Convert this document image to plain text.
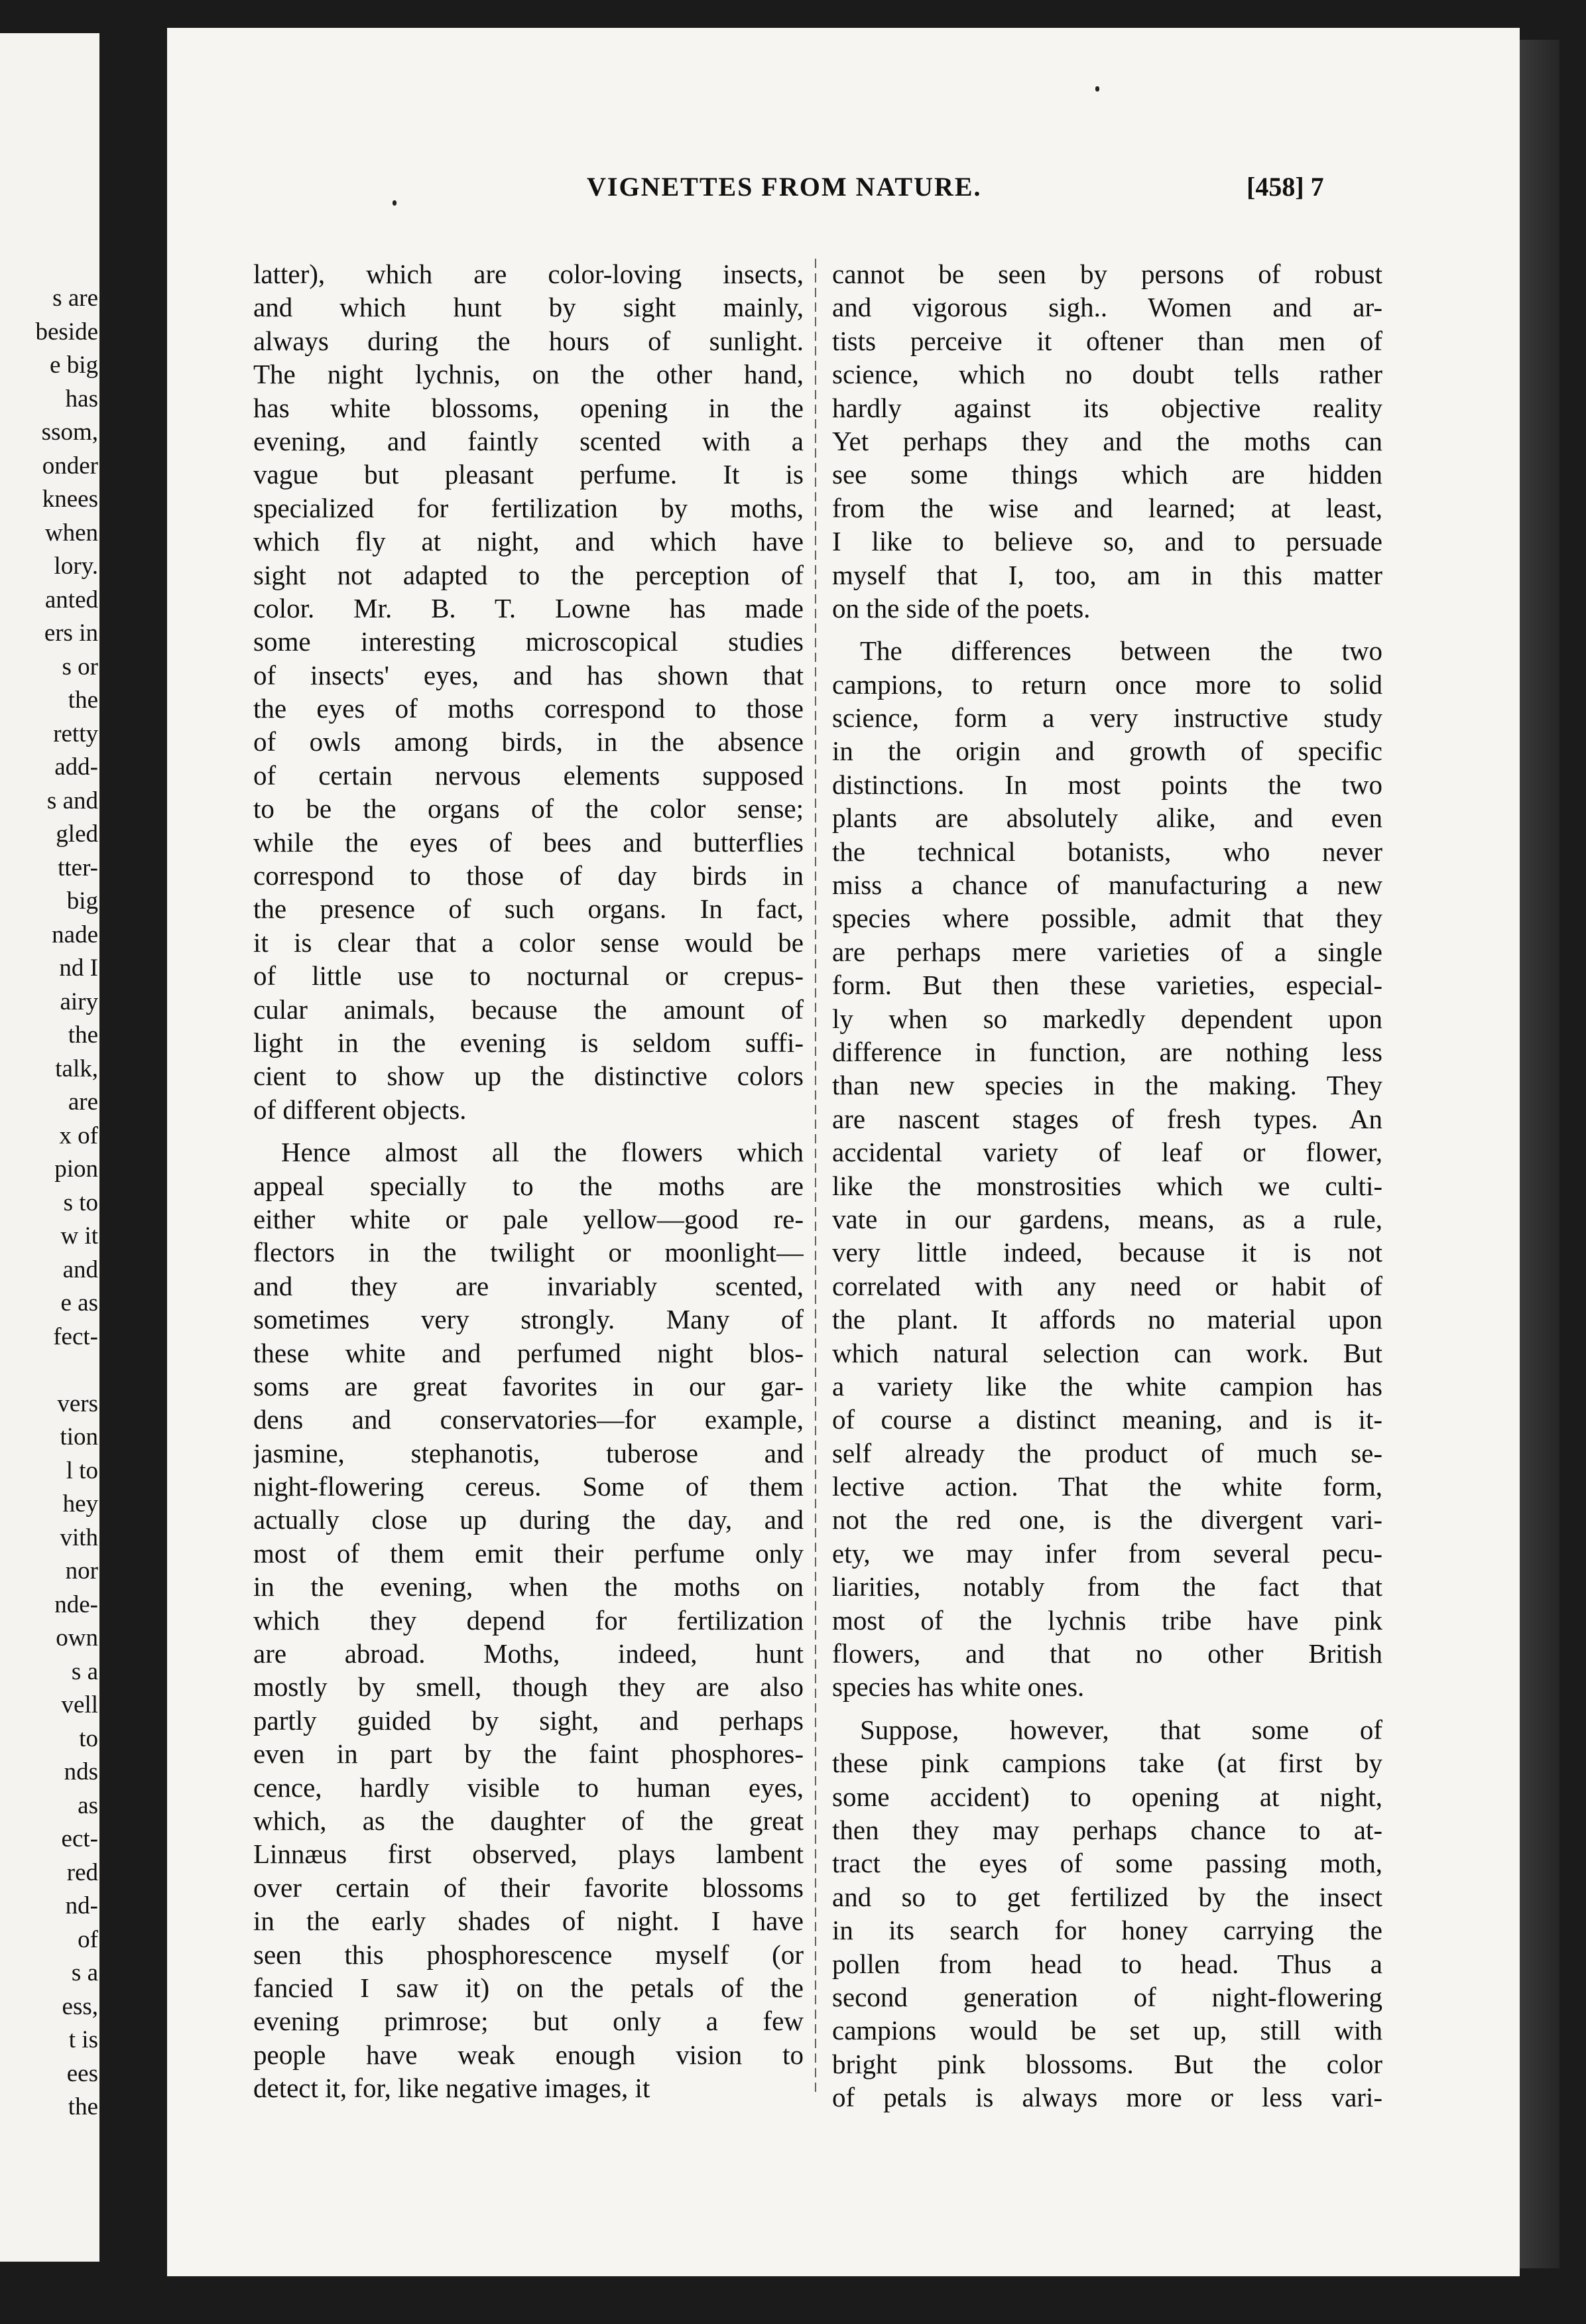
s are
beside
e big
has
ssom,
onder
knees
when
lory.
anted
ers in
s or
the
retty
add-
s and
gled
tter-
big
nade
nd I
airy
the
talk,
are
x of
pion
s to
w it
and
e as
fect-

vers
tion
l to
hey
vith
nor
nde-
own
s a
vell
to
nds
as
ect-
red
nd-
of
s a
ess,
t is
ees
the
VIGNETTES FROM NATURE.	[458] 7
latter), which are color-loving insects,
and which hunt by sight mainly,
always during the hours of sunlight.
The night lychnis, on the other hand,
has white blossoms, opening in the
evening, and faintly scented with a
vague but pleasant perfume. It is
specialized for fertilization by moths,
which fly at night, and which have
sight not adapted to the perception of
color. Mr. B. T. Lowne has made
some interesting microscopical studies
of insects' eyes, and has shown that
the eyes of moths correspond to those
of owls among birds, in the absence
of certain nervous elements supposed
to be the organs of the color sense;
while the eyes of bees and butterflies
correspond to those of day birds in
the presence of such organs. In fact,
it is clear that a color sense would be
of little use to nocturnal or crepus-
cular animals, because the amount of
light in the evening is seldom suffi-
cient to show up the distinctive colors
of different objects.
Hence almost all the flowers which
appeal specially to the moths are
either white or pale yellow—good re-
flectors in the twilight or moonlight—
and they are invariably scented,
sometimes very strongly. Many of
these white and perfumed night blos-
soms are great favorites in our gar-
dens and conservatories—for example,
jasmine, stephanotis, tuberose and
night-flowering cereus. Some of them
actually close up during the day, and
most of them emit their perfume only
in the evening, when the moths on
which they depend for fertilization
are abroad. Moths, indeed, hunt
mostly by smell, though they are also
partly guided by sight, and perhaps
even in part by the faint phosphores-
cence, hardly visible to human eyes,
which, as the daughter of the great
Linnæus first observed, plays lambent
over certain of their favorite blossoms
in the early shades of night. I have
seen this phosphorescence myself (or
fancied I saw it) on the petals of the
evening primrose; but only a few
people have weak enough vision to
detect it, for, like negative images, it
cannot be seen by persons of robust
and vigorous sigh.. Women and ar-
tists perceive it oftener than men of
science, which no doubt tells rather
hardly against its objective reality
Yet perhaps they and the moths can
see some things which are hidden
from the wise and learned; at least,
I like to believe so, and to persuade
myself that I, too, am in this matter
on the side of the poets.
The differences between the two
campions, to return once more to solid
science, form a very instructive study
in the origin and growth of specific
distinctions. In most points the two
plants are absolutely alike, and even
the technical botanists, who never
miss a chance of manufacturing a new
species where possible, admit that they
are perhaps mere varieties of a single
form. But then these varieties, especial-
ly when so markedly dependent upon
difference in function, are nothing less
than new species in the making. They
are nascent stages of fresh types. An
accidental variety of leaf or flower,
like the monstrosities which we culti-
vate in our gardens, means, as a rule,
very little indeed, because it is not
correlated with any need or habit of
the plant. It affords no material upon
which natural selection can work. But
a variety like the white campion has
of course a distinct meaning, and is it-
self already the product of much se-
lective action. That the white form,
not the red one, is the divergent vari-
ety, we may infer from several pecu-
liarities, notably from the fact that
most of the lychnis tribe have pink
flowers, and that no other British
species has white ones.
Suppose, however, that some of
these pink campions take (at first by
some accident) to opening at night,
then they may perhaps chance to at-
tract the eyes of some passing moth,
and so to get fertilized by the insect
in its search for honey carrying the
pollen from head to head. Thus a
second generation of night-flowering
campions would be set up, still with
bright pink blossoms. But the color
of petals is always more or less vari-
